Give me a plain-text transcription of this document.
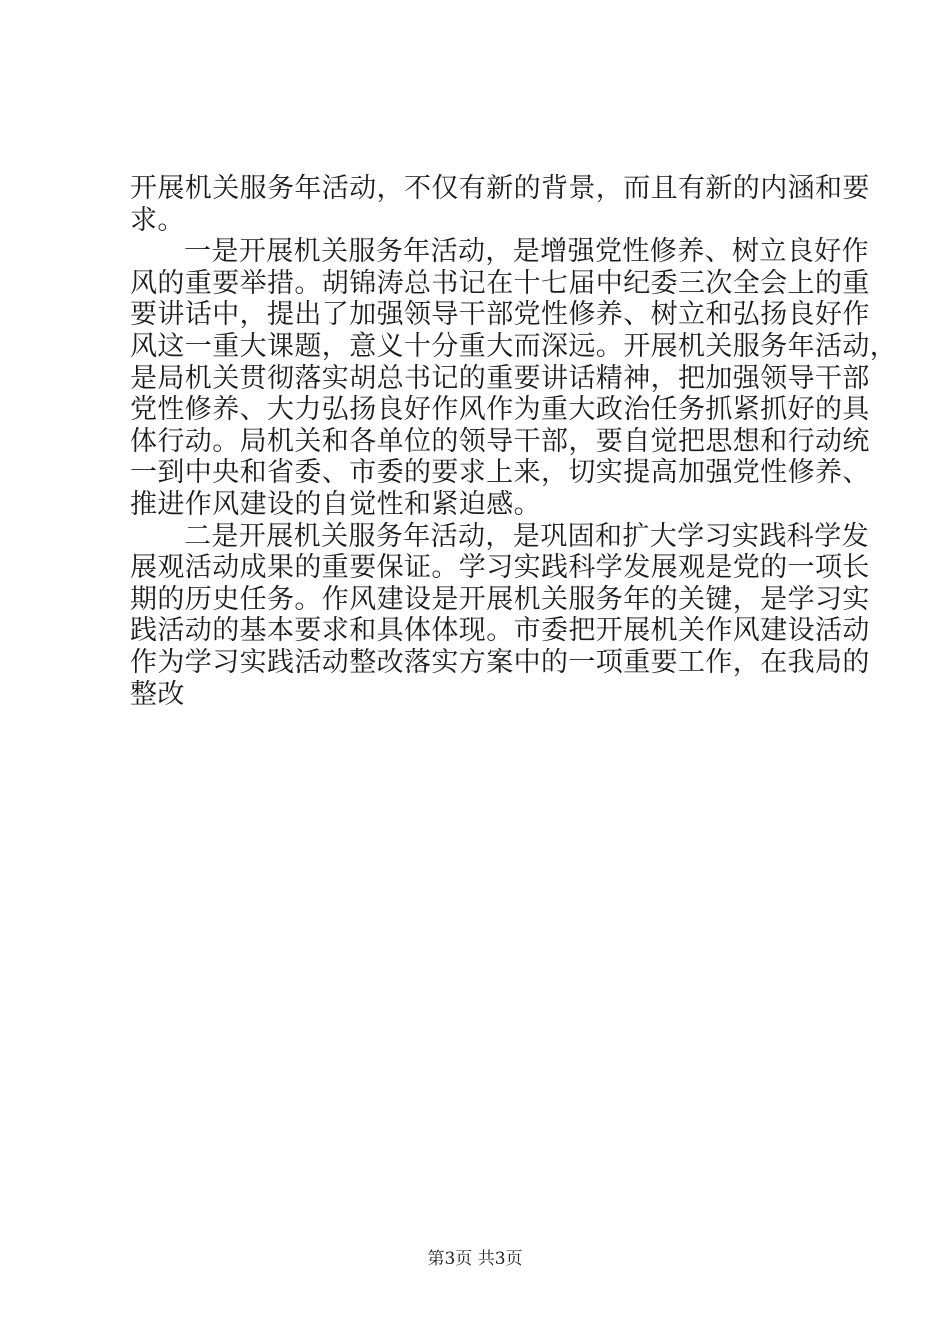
开展机关服务年活动，不仅有新的背景，而且有新的内涵和要
求。
一是开展机关服务年活动，是增强党性修养、树立良好作
风的重要举措。胡锦涛总书记在十七届中纪委三次全会上的重
要讲话中，提出了加强领导干部党性修养、树立和弘扬良好作
风这一重大课题，意义十分重大而深远。开展机关服务年活动，
是局机关贯彻落实胡总书记的重要讲话精神，把加强领导干部
党性修养、大力弘扬良好作风作为重大政治任务抓紧抓好的具
体行动。局机关和各单位的领导干部，要自觉把思想和行动统
一到中央和省委、市委的要求上来，切实提高加强党性修养、
推进作风建设的自觉性和紧迫感。
二是开展机关服务年活动，是巩固和扩大学习实践科学发
展观活动成果的重要保证。学习实践科学发展观是党的一项长
期的历史任务。作风建设是开展机关服务年的关键，是学习实
践活动的基本要求和具体体现。市委把开展机关作风建设活动
作为学习实践活动整改落实方案中的一项重要工作，在我局的
整改
第3页 共3页
